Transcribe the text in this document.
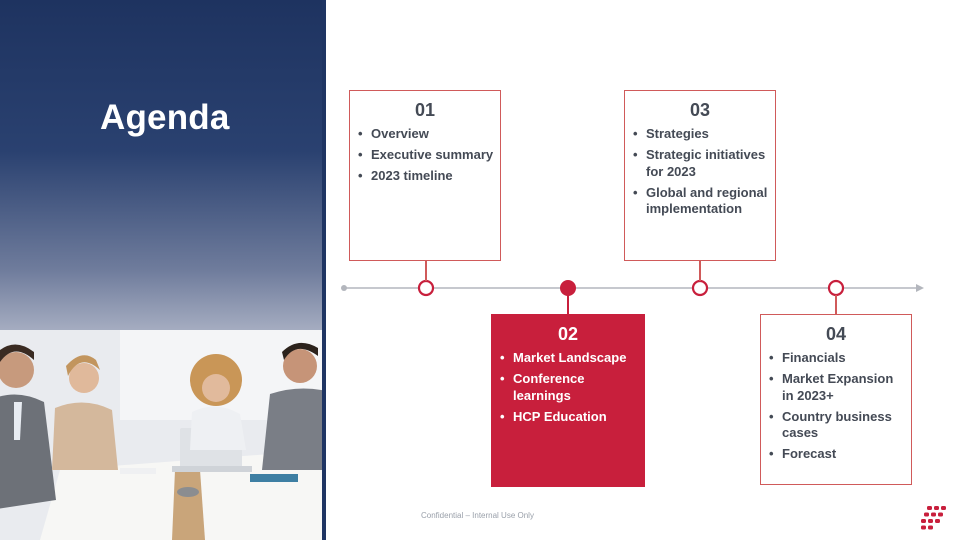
Agenda	01
• Overview
• Executive summary
• 2023 timeline
03
• Strategies
• Strategic initiatives for 2023
• Global and regional implementation
02
• Market Landscape
• Conference learnings
• HCP Education
04
• Financials
• Market Expansion in 2023+
• Country business cases
• Forecast
Confidential – Internal Use Only
